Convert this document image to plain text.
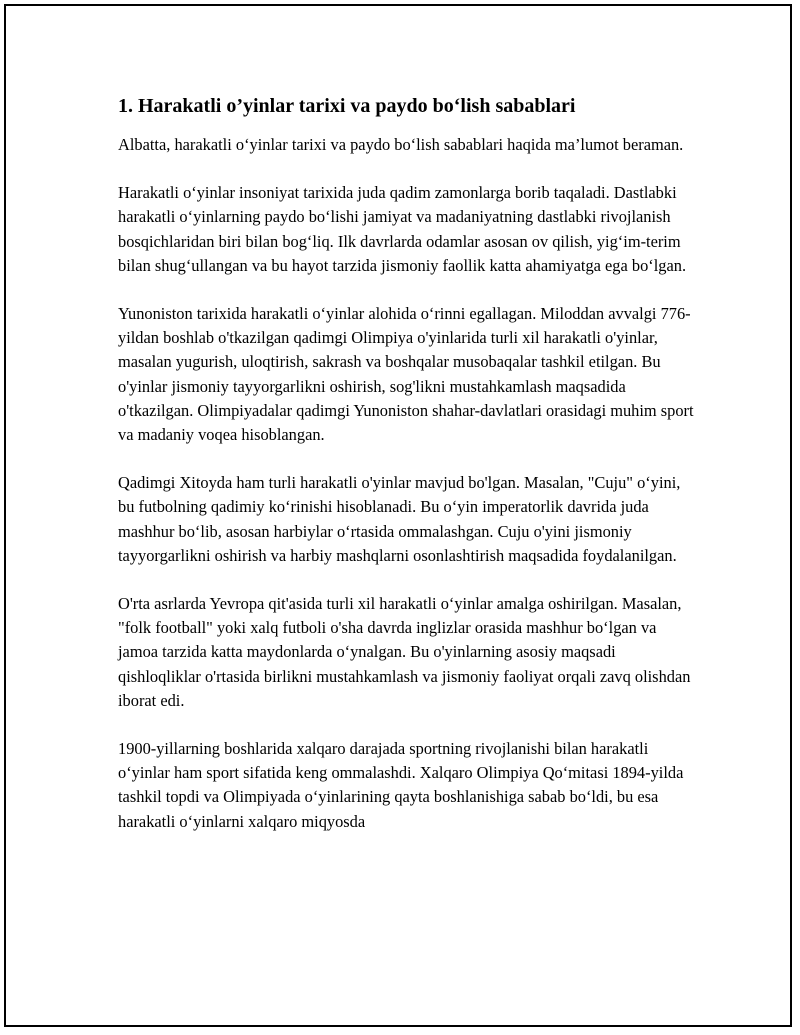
1. Harakatli o’yinlar tarixi va paydo bo‘lish sabablari

Albatta, harakatli o‘yinlar tarixi va paydo bo‘lish sabablari haqida ma’lumot beraman.

Harakatli o‘yinlar insoniyat tarixida juda qadim zamonlarga borib taqaladi. Dastlabki harakatli o‘yinlarning paydo bo‘lishi jamiyat va madaniyatning dastlabki rivojlanish bosqichlaridan biri bilan bog‘liq. Ilk davrlarda odamlar asosan ov qilish, yig‘im-terim bilan shug‘ullangan va bu hayot tarzida jismoniy faollik katta ahamiyatga ega bo‘lgan.

Yunoniston tarixida harakatli o‘yinlar alohida o‘rinni egallagan. Miloddan avvalgi 776-yildan boshlab o'tkazilgan qadimgi Olimpiya o'yinlarida turli xil harakatli o'yinlar, masalan yugurish, uloqtirish, sakrash va boshqalar musobaqalar tashkil etilgan. Bu o'yinlar jismoniy tayyorgarlikni oshirish, sog'likni mustahkamlash maqsadida o'tkazilgan. Olimpiyadalar qadimgi Yunoniston shahar-davlatlari orasidagi muhim sport va madaniy voqea hisoblangan.

Qadimgi Xitoyda ham turli harakatli o'yinlar mavjud bo'lgan. Masalan, "Cuju" o‘yini, bu futbolning qadimiy ko‘rinishi hisoblanadi. Bu o‘yin imperatorlik davrida juda mashhur bo‘lib, asosan harbiylar o‘rtasida ommalashgan. Cuju o'yini jismoniy tayyorgarlikni oshirish va harbiy mashqlarni osonlashtirish maqsadida foydalanilgan.

O'rta asrlarda Yevropa qit'asida turli xil harakatli o‘yinlar amalga oshirilgan. Masalan, "folk football" yoki xalq futboli o'sha davrda inglizlar orasida mashhur bo‘lgan va jamoa tarzida katta maydonlarda o‘ynalgan. Bu o'yinlarning asosiy maqsadi qishloqliklar o'rtasida birlikni mustahkamlash va jismoniy faoliyat orqali zavq olishdan iborat edi.

1900-yillarning boshlarida xalqaro darajada sportning rivojlanishi bilan harakatli o‘yinlar ham sport sifatida keng ommalashdi. Xalqaro Olimpiya Qo‘mitasi 1894-yilda tashkil topdi va Olimpiyada o‘yinlarining qayta boshlanishiga sabab bo‘ldi, bu esa harakatli o‘yinlarni xalqaro miqyosda
